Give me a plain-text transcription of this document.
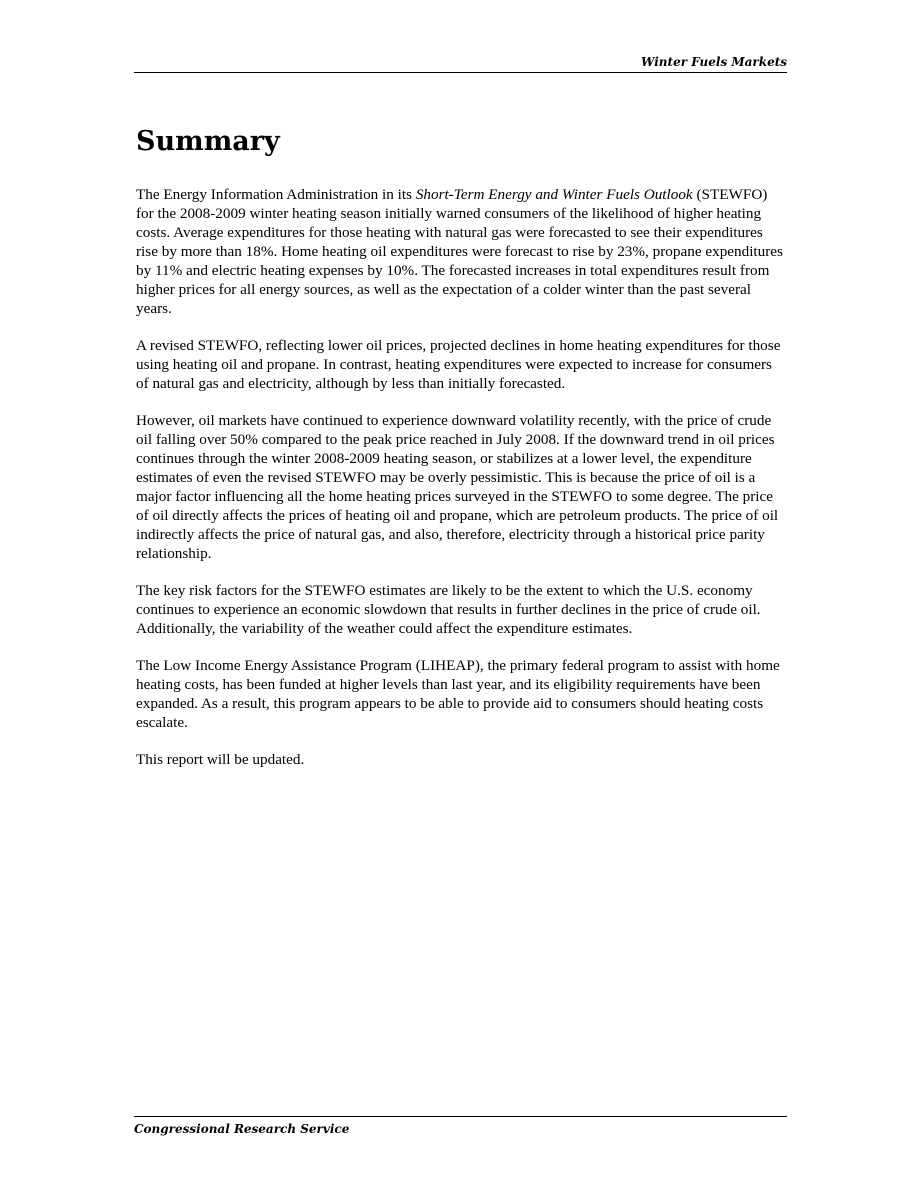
Winter Fuels Markets
Summary

The Energy Information Administration in its Short-Term Energy and Winter Fuels Outlook (STEWFO) for the 2008-2009 winter heating season initially warned consumers of the likelihood of higher heating costs. Average expenditures for those heating with natural gas were forecasted to see their expenditures rise by more than 18%. Home heating oil expenditures were forecast to rise by 23%, propane expenditures by 11% and electric heating expenses by 10%. The forecasted increases in total expenditures result from higher prices for all energy sources, as well as the expectation of a colder winter than the past several years.

A revised STEWFO, reflecting lower oil prices, projected declines in home heating expenditures for those using heating oil and propane. In contrast, heating expenditures were expected to increase for consumers of natural gas and electricity, although by less than initially forecasted.

However, oil markets have continued to experience downward volatility recently, with the price of crude oil falling over 50% compared to the peak price reached in July 2008. If the downward trend in oil prices continues through the winter 2008-2009 heating season, or stabilizes at a lower level, the expenditure estimates of even the revised STEWFO may be overly pessimistic. This is because the price of oil is a major factor influencing all the home heating prices surveyed in the STEWFO to some degree. The price of oil directly affects the prices of heating oil and propane, which are petroleum products. The price of oil indirectly affects the price of natural gas, and also, therefore, electricity through a historical price parity relationship.

The key risk factors for the STEWFO estimates are likely to be the extent to which the U.S. economy continues to experience an economic slowdown that results in further declines in the price of crude oil. Additionally, the variability of the weather could affect the expenditure estimates.

The Low Income Energy Assistance Program (LIHEAP), the primary federal program to assist with home heating costs, has been funded at higher levels than last year, and its eligibility requirements have been expanded. As a result, this program appears to be able to provide aid to consumers should heating costs escalate.

This report will be updated.

Congressional Research Service
